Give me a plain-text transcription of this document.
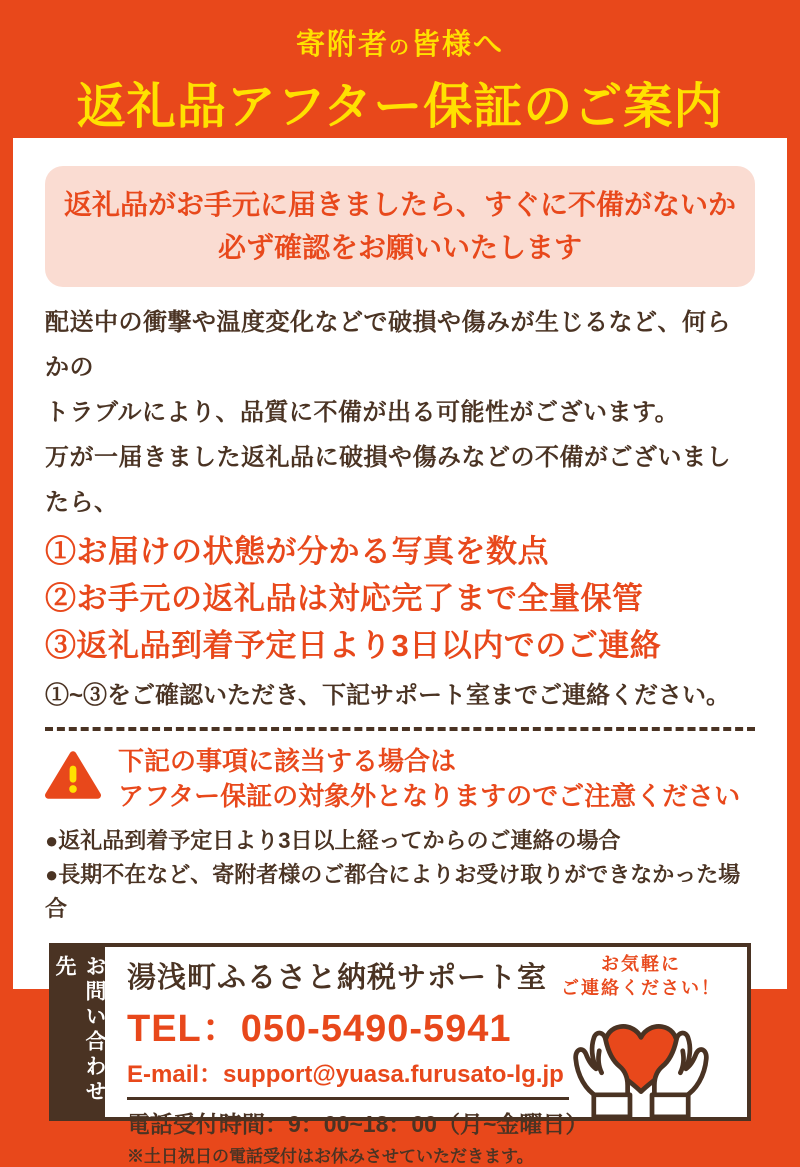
寄附者の皆様へ
返礼品アフター保証のご案内
返礼品がお手元に届きましたら、すぐに不備がないか
必ず確認をお願いいたします
配送中の衝撃や温度変化などで破損や傷みが生じるなど、何らかの
トラブルにより、品質に不備が出る可能性がございます。
万が一届きました返礼品に破損や傷みなどの不備がございましたら、
①お届けの状態が分かる写真を数点
②お手元の返礼品は対応完了まで全量保管
③返礼品到着予定日より3日以内でのご連絡
①~③をご確認いただき、下記サポート室までご連絡ください。
下記の事項に該当する場合は
アフター保証の対象外となりますのでご注意ください
●返礼品到着予定日より3日以上経ってからのご連絡の場合
●長期不在など、寄附者様のご都合によりお受け取りができなかった場合
お問い合わせ先	湯浅町ふるさと納税サポート室
TEL：050-5490-5941
E-mail：support@yuasa.furusato-lg.jp
電話受付時間：9：00~18：00（月~金曜日）
※土日祝日の電話受付はお休みさせていただきます。
お気軽に
ご連絡ください！
